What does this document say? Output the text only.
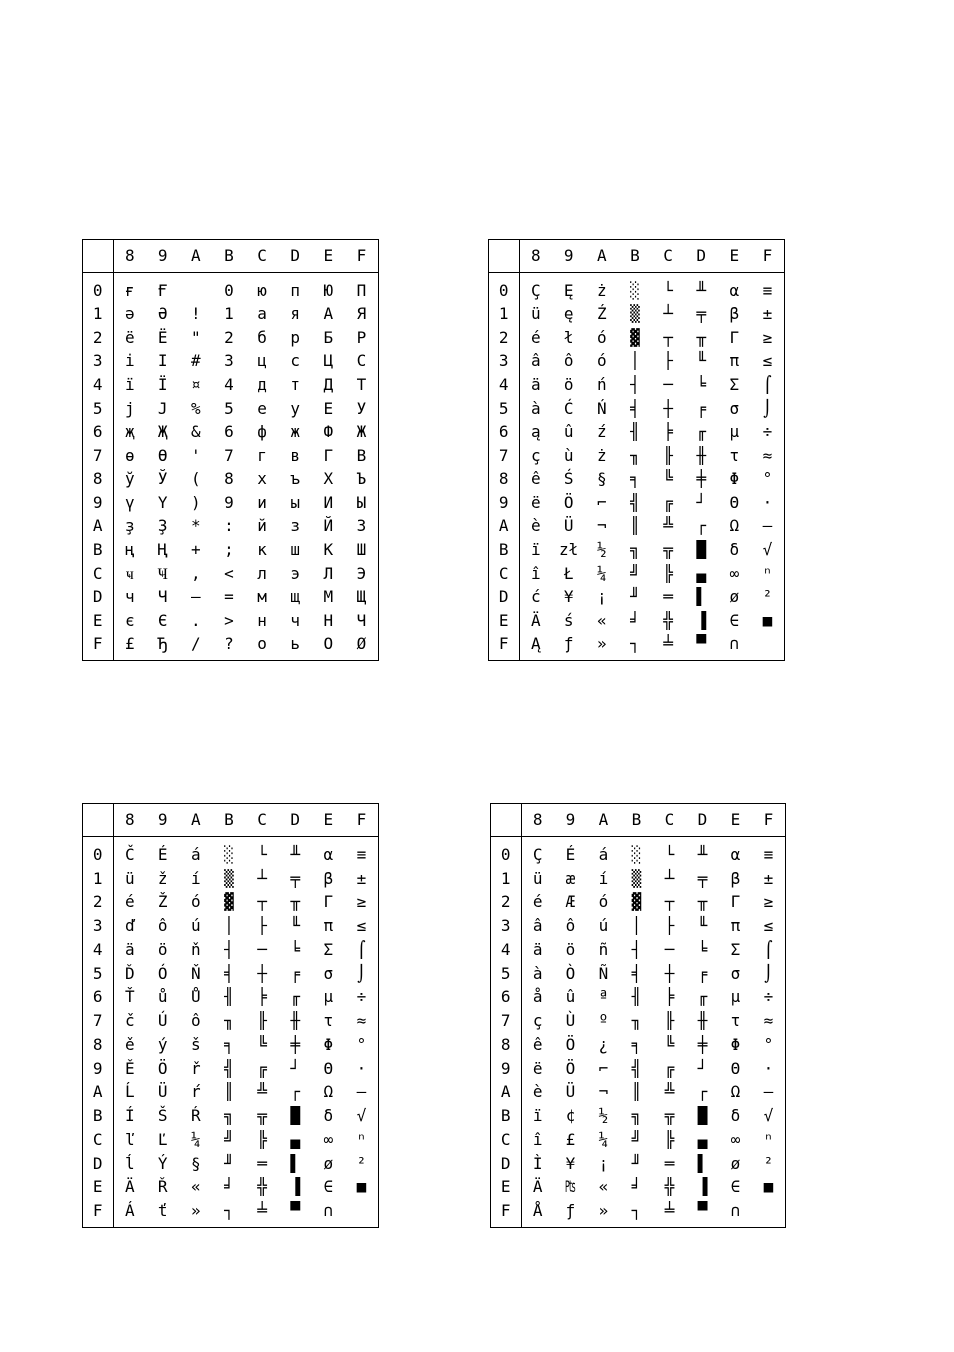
	8	9	A	B	C	D	E	F

0	ғ	Ғ		0	ю	п	Ю	П
1	ə	Ə	!	1	а	я	А	Я
2	ë	Ë	"	2	б	р	Б	Р
3	і	І	#	3	ц	с	Ц	С
4	ї	Ї	¤	4	д	т	Д	Т
5	ј	Ј	%	5	е	у	Е	У
6	җ	Җ	&	6	ф	ж	Ф	Ж
7	ө	Ө	'	7	г	в	Г	В
8	ў	Ў	(	8	х	ъ	Х	Ъ
9	ү	Ү	)	9	и	ы	И	Ы
A	ҙ	Ҙ	*	:	й	з	Й	З
B	ң	Ң	+	;	к	ш	К	Ш
C	ҹ	Ҹ	,	<	л	э	Л	Э
D	ч	Ч	—	=	м	щ	М	Щ
E	є	Є	.	>	н	ч	Н	Ч
F	£	Ђ	/	?	о	ь	О	Ø

	8	9	A	B	C	D	E	F

0	Ç	Ę	ż	░	└	╨	α	≡
1	ü	ę	Ź	▒	┴	╤	β	±
2	é	ł	ó	▓	┬	╥	Γ	≥
3	â	ô	ó	│	├	╙	π	≤
4	ä	ö	ń	┤	─	╘	Σ	⌠
5	à	Ć	Ń	╡	┼	╒	σ	⌡
6	ą	û	ź	╢	╞	╓	µ	÷
7	ç	ù	ż	╖	╟	╫	τ	≈
8	ê	Ś	§	╕	╚	╪	Φ	°
9	ë	Ö	⌐	╣	╔	┘	Θ	·
A	è	Ü	¬	║	╩	┌	Ω	—
B	ï	zł	½	╗	╦	█	δ	√
C	î	Ł	¼	╝	╠	▄	∞	ⁿ
D	ć	¥	¡	╜	═	▌	ø	²
E	Ä	ś	«	╛	╬	▐	∈	■
F	Ą	ƒ	»	┐	╧	▀	∩	

	8	9	A	B	C	D	E	F

0	Č	É	á	░	└	╨	α	≡
1	ü	ž	í	▒	┴	╤	β	±
2	é	Ž	ó	▓	┬	╥	Γ	≥
3	ď	ô	ú	│	├	╙	π	≤
4	ä	ö	ň	┤	─	╘	Σ	⌠
5	Ď	Ó	Ň	╡	┼	╒	σ	⌡
6	Ť	ů	Ů	╢	╞	╓	µ	÷
7	č	Ú	ô	╖	╟	╫	τ	≈
8	ě	ý	š	╕	╚	╪	Φ	°
9	Ě	Ö	ř	╣	╔	┘	Θ	·
A	Ĺ	Ü	ŕ	║	╩	┌	Ω	—
B	Í	Š	Ŕ	╗	╦	█	δ	√
C	ľ	Ľ	¼	╝	╠	▄	∞	ⁿ
D	ĺ	Ý	§	╜	═	▌	ø	²
E	Ä	Ř	«	╛	╬	▐	∈	■
F	Á	ť	»	┐	╧	▀	∩	

	8	9	A	B	C	D	E	F

0	Ç	É	á	░	└	╨	α	≡
1	ü	æ	í	▒	┴	╤	β	±
2	é	Æ	ó	▓	┬	╥	Γ	≥
3	â	ô	ú	│	├	╙	π	≤
4	ä	ö	ñ	┤	─	╘	Σ	⌠
5	à	Ò	Ñ	╡	┼	╒	σ	⌡
6	å	û	ª	╢	╞	╓	µ	÷
7	ç	Ù	º	╖	╟	╫	τ	≈
8	ê	Ö	¿	╕	╚	╪	Φ	°
9	ë	Ö	⌐	╣	╔	┘	Θ	·
A	è	Ü	¬	║	╩	┌	Ω	—
B	ï	¢	½	╗	╦	█	δ	√
C	î	£	¼	╝	╠	▄	∞	ⁿ
D	Ì	¥	¡	╜	═	▌	ø	²
E	Ä	₧	«	╛	╬	▐	∈	■
F	Å	ƒ	»	┐	╧	▀	∩	
